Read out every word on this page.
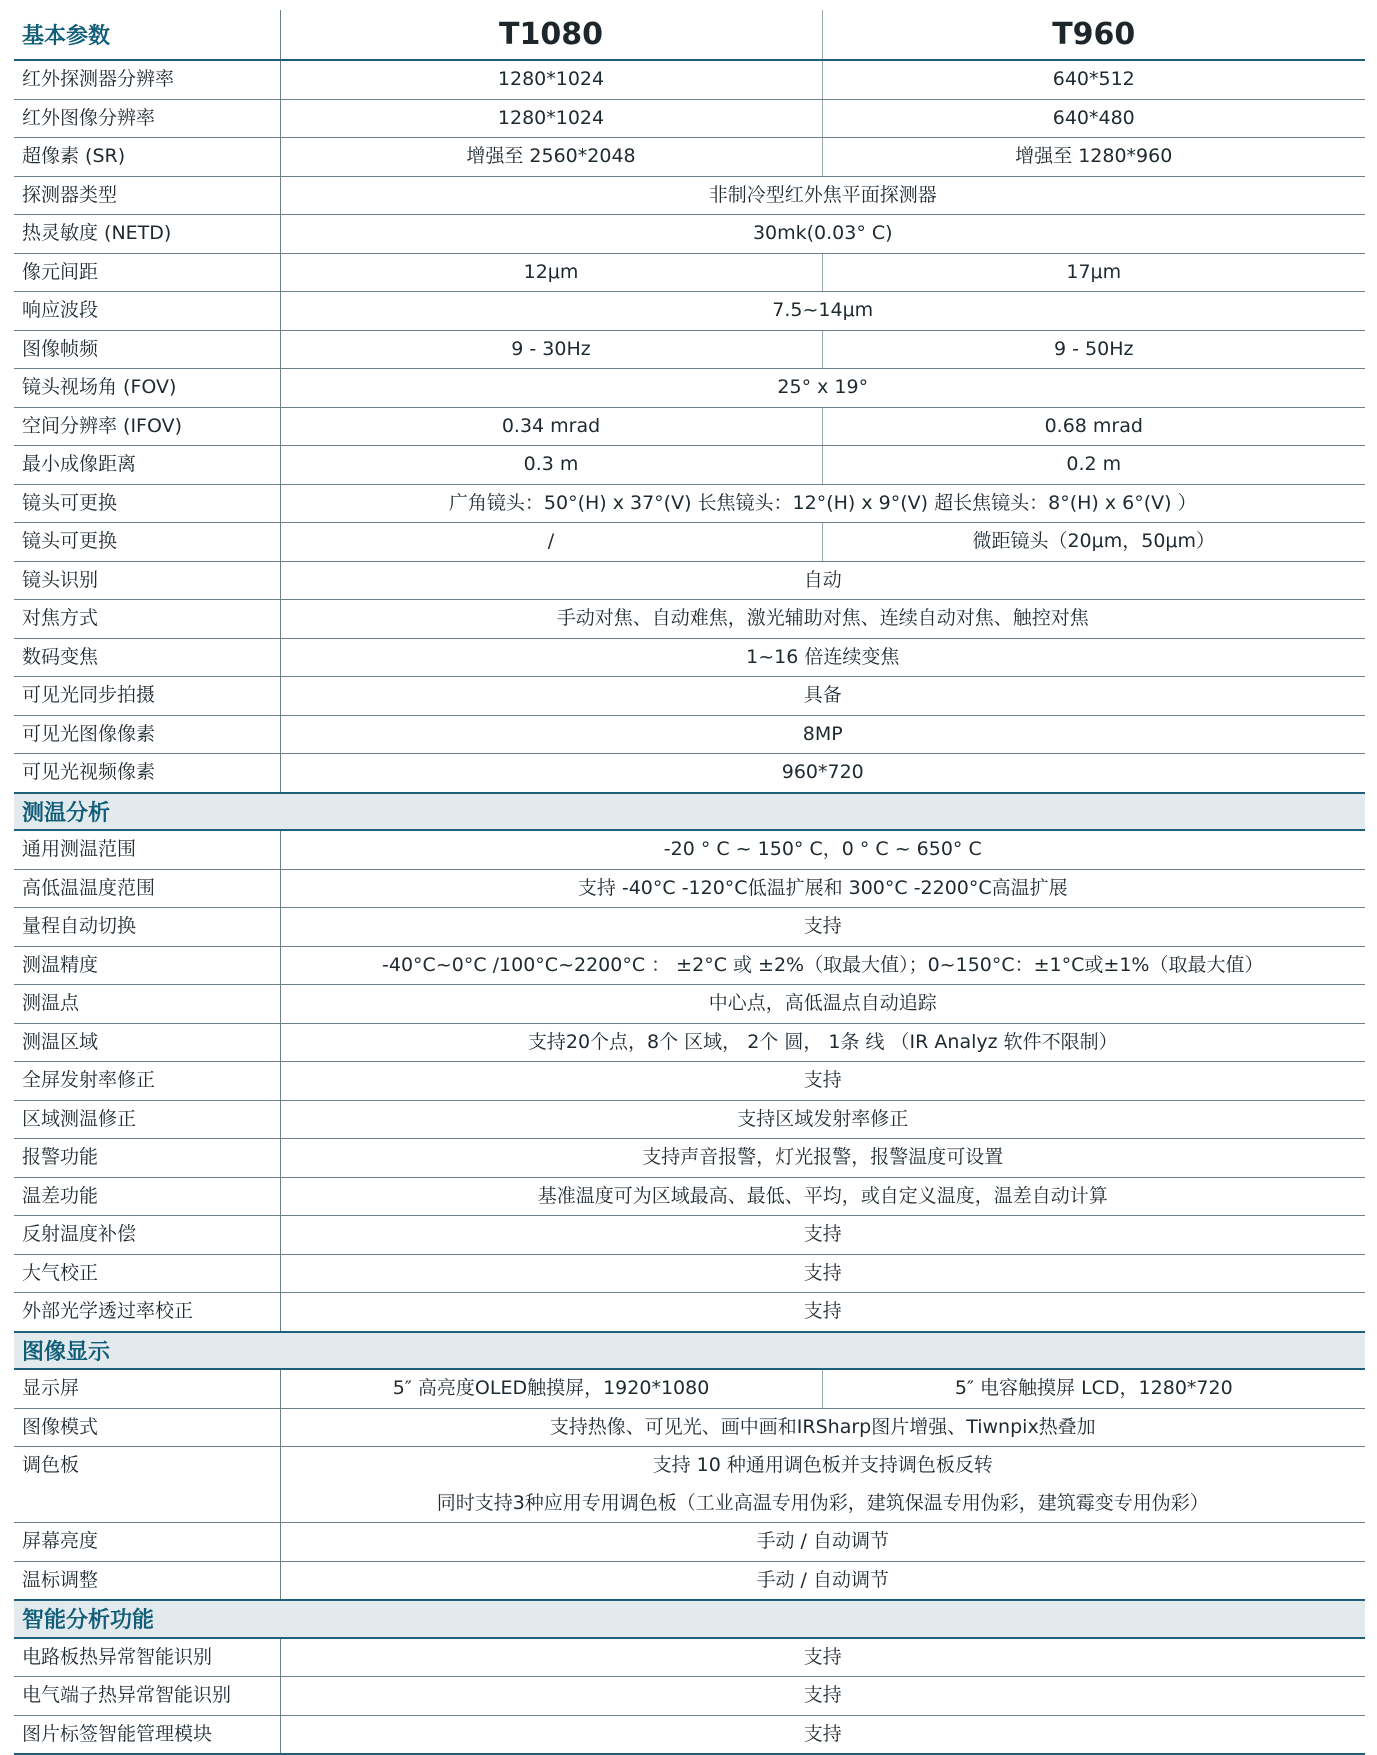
基本参数	T1080	T960
红外探测器分辨率	1280*1024	640*512
红外图像分辨率	1280*1024	640*480
超像素 (SR)	增强至 2560*2048	增强至 1280*960
探测器类型	非制冷型红外焦平面探测器	
热灵敏度 (NETD)	30mk(0.03° C)	
像元间距	12μm	17μm
响应波段	7.5~14μm	
图像帧频	9 - 30Hz	9 - 50Hz
镜头视场角 (FOV)	25° x 19°	
空间分辨率 (IFOV)	0.34 mrad	0.68 mrad
最小成像距离	0.3 m	0.2 m
镜头可更换	广角镜头：50°(H) x 37°(V) 长焦镜头：12°(H) x 9°(V) 超长焦镜头：8°(H) x 6°(V) ）	
镜头可更换	/	微距镜头（20μm，50μm）
镜头识别	自动	
对焦方式	手动对焦、自动难焦，激光辅助对焦、连续自动对焦、触控对焦	
数码变焦	1~16 倍连续变焦	
可见光同步拍摄	具备	
可见光图像像素	8MP	
可见光视频像素	960*720	
测温分析		
通用测温范围	-20 ° C ~ 150° C，0 ° C ~ 650° C	
高低温温度范围	支持 -40°C -120°C低温扩展和 300°C -2200°C高温扩展	
量程自动切换	支持	
测温精度	-40°C~0°C /100°C~2200°C ： ±2°C 或 ±2%（取最大值）；0~150°C：±1°C或±1%（取最大值）	
测温点	中心点，高低温点自动追踪	
测温区域	支持20个点，8个 区域， 2个 圆， 1条 线 （IR Analyz 软件不限制）	
全屏发射率修正	支持	
区域测温修正	支持区域发射率修正	
报警功能	支持声音报警，灯光报警，报警温度可设置	
温差功能	基准温度可为区域最高、最低、平均，或自定义温度，温差自动计算	
反射温度补偿	支持	
大气校正	支持	
外部光学透过率校正	支持	
图像显示		
显示屏	5″ 高亮度OLED触摸屏，1920*1080	5″ 电容触摸屏 LCD，1280*720
图像模式	支持热像、可见光、画中画和IRSharp图片增强、Tiwnpix热叠加	
调色板	支持 10 种通用调色板并支持调色板反转
同时支持3种应用专用调色板（工业高温专用伪彩，建筑保温专用伪彩，建筑霉变专用伪彩）	

屏幕亮度	手动 / 自动调节	
温标调整	手动 / 自动调节	
智能分析功能		
电路板热异常智能识别	支持	
电气端子热异常智能识别	支持	
图片标签智能管理模块	支持	
